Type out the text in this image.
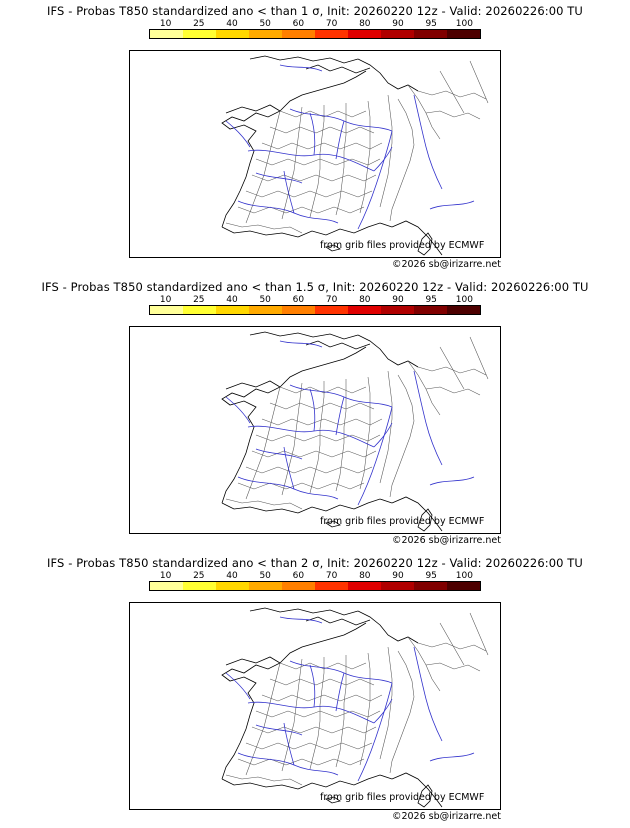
IFS - Probas T850 standardized ano < than 1 σ, Init: 20260220 12z - Valid: 20260226:00 TU
10 25 40 50 60 70 80 90 95 100
from grib files provided by ECMWF
©2026 sb@irizarre.net
IFS - Probas T850 standardized ano < than 1.5 σ, Init: 20260220 12z - Valid: 20260226:00 TU
10 25 40 50 60 70 80 90 95 100
from grib files provided by ECMWF
©2026 sb@irizarre.net
IFS - Probas T850 standardized ano < than 2 σ, Init: 20260220 12z - Valid: 20260226:00 TU
10 25 40 50 60 70 80 90 95 100
from grib files provided by ECMWF
©2026 sb@irizarre.net
